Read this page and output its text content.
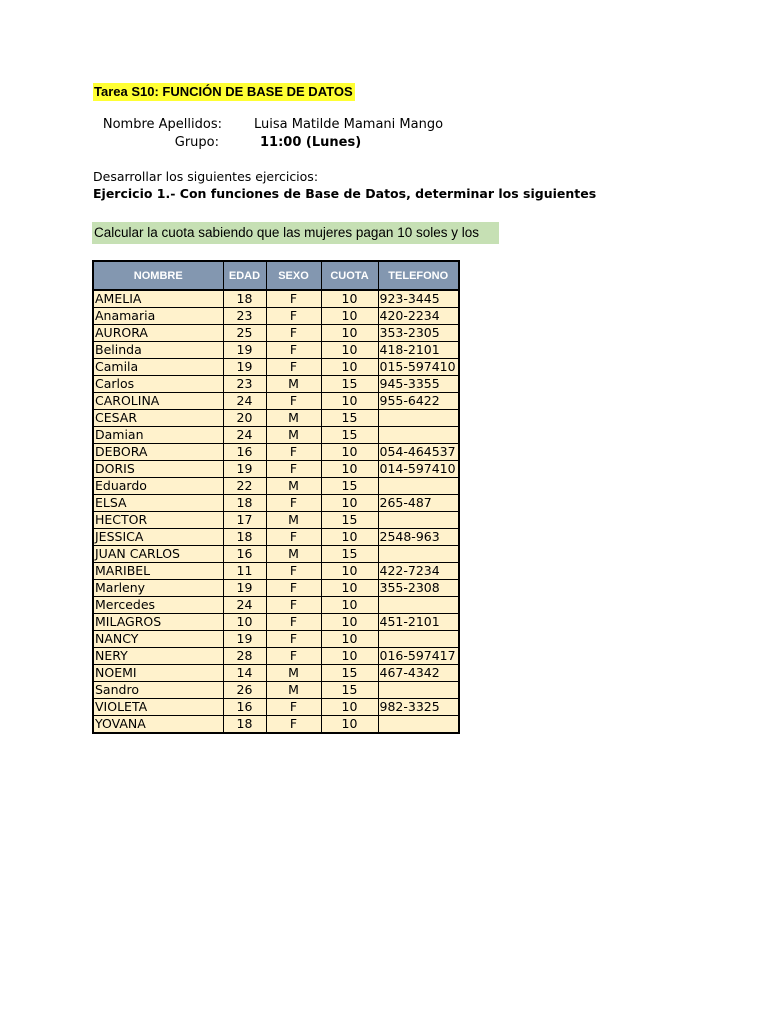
Tarea S10: FUNCIÓN DE BASE DE DATOS
Nombre Apellidos: Luisa Matilde Mamani Mango
Grupo:	11:00 (Lunes)
Desarrollar los siguientes ejercicios:
Ejercicio 1.- Con funciones de Base de Datos, determinar los siguientes
Calcular la cuota sabiendo que las mujeres pagan 10 soles y los
NOMBRE	EDAD	SEXO	CUOTA	TELEFONO
AMELIA	18	F	10	923-3445
Anamaria	23	F	10	420-2234
AURORA	25	F	10	353-2305
Belinda	19	F	10	418-2101
Camila	19	F	10	015-597410
Carlos	23	M	15	945-3355
CAROLINA	24	F	10	955-6422
CESAR	20	M	15	
Damian	24	M	15	
DEBORA	16	F	10	054-464537
DORIS	19	F	10	014-597410
Eduardo	22	M	15	
ELSA	18	F	10	265-487
HECTOR	17	M	15	
JESSICA	18	F	10	2548-963
JUAN CARLOS	16	M	15	
MARIBEL	11	F	10	422-7234
Marleny	19	F	10	355-2308
Mercedes	24	F	10	
MILAGROS	10	F	10	451-2101
NANCY	19	F	10	
NERY	28	F	10	016-597417
NOEMI	14	M	15	467-4342
Sandro	26	M	15	
VIOLETA	16	F	10	982-3325
YOVANA	18	F	10	
